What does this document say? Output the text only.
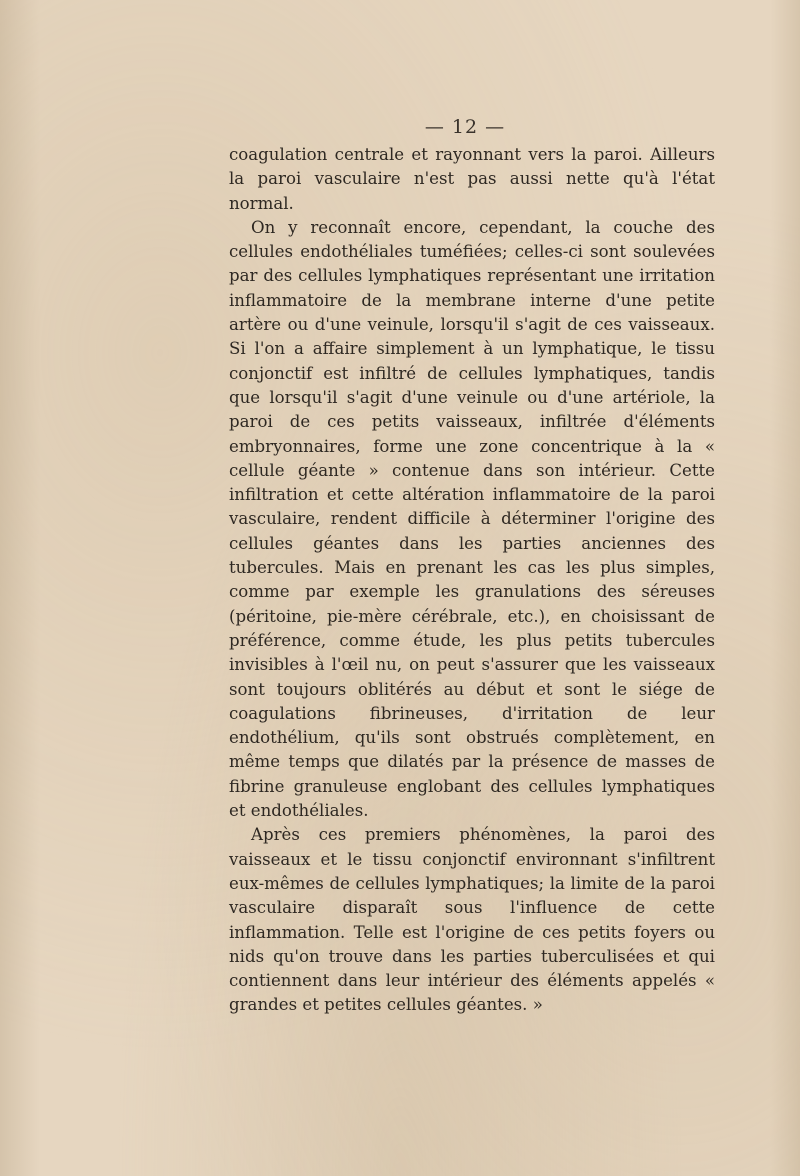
— 12 —

coagulation centrale et rayonnant vers la paroi. Ailleurs la paroi vasculaire n'est pas aussi nette qu'à l'état normal.

On y reconnaît encore, cependant, la couche des cellules endothéliales tuméfiées; celles-ci sont soulevées par des cellules lymphatiques représentant une irritation inflammatoire de la membrane interne d'une petite artère ou d'une veinule, lorsqu'il s'agit de ces vaisseaux. Si l'on a affaire simplement à un lymphatique, le tissu conjonctif est infiltré de cellules lymphatiques, tandis que lorsqu'il s'agit d'une veinule ou d'une artériole, la paroi de ces petits vaisseaux, infiltrée d'éléments embryonnaires, forme une zone concentrique à la « cellule géante » contenue dans son intérieur. Cette infiltration et cette altération inflammatoire de la paroi vasculaire, rendent difficile à déterminer l'origine des cellules géantes dans les parties anciennes des tubercules. Mais en prenant les cas les plus simples, comme par exemple les granulations des séreuses (péritoine, pie-mère cérébrale, etc.), en choisissant de préférence, comme étude, les plus petits tubercules invisibles à l'œil nu, on peut s'assurer que les vaisseaux sont toujours oblitérés au début et sont le siége de coagulations fibrineuses, d'irritation de leur endothélium, qu'ils sont obstrués complètement, en même temps que dilatés par la présence de masses de fibrine granuleuse englobant des cellules lymphatiques et endothéliales.

Après ces premiers phénomènes, la paroi des vaisseaux et le tissu conjonctif environnant s'infiltrent eux-mêmes de cellules lymphatiques; la limite de la paroi vasculaire disparaît sous l'influence de cette inflammation. Telle est l'origine de ces petits foyers ou nids qu'on trouve dans les parties tuberculisées et qui contiennent dans leur intérieur des éléments appelés « grandes et petites cellules géantes. »
